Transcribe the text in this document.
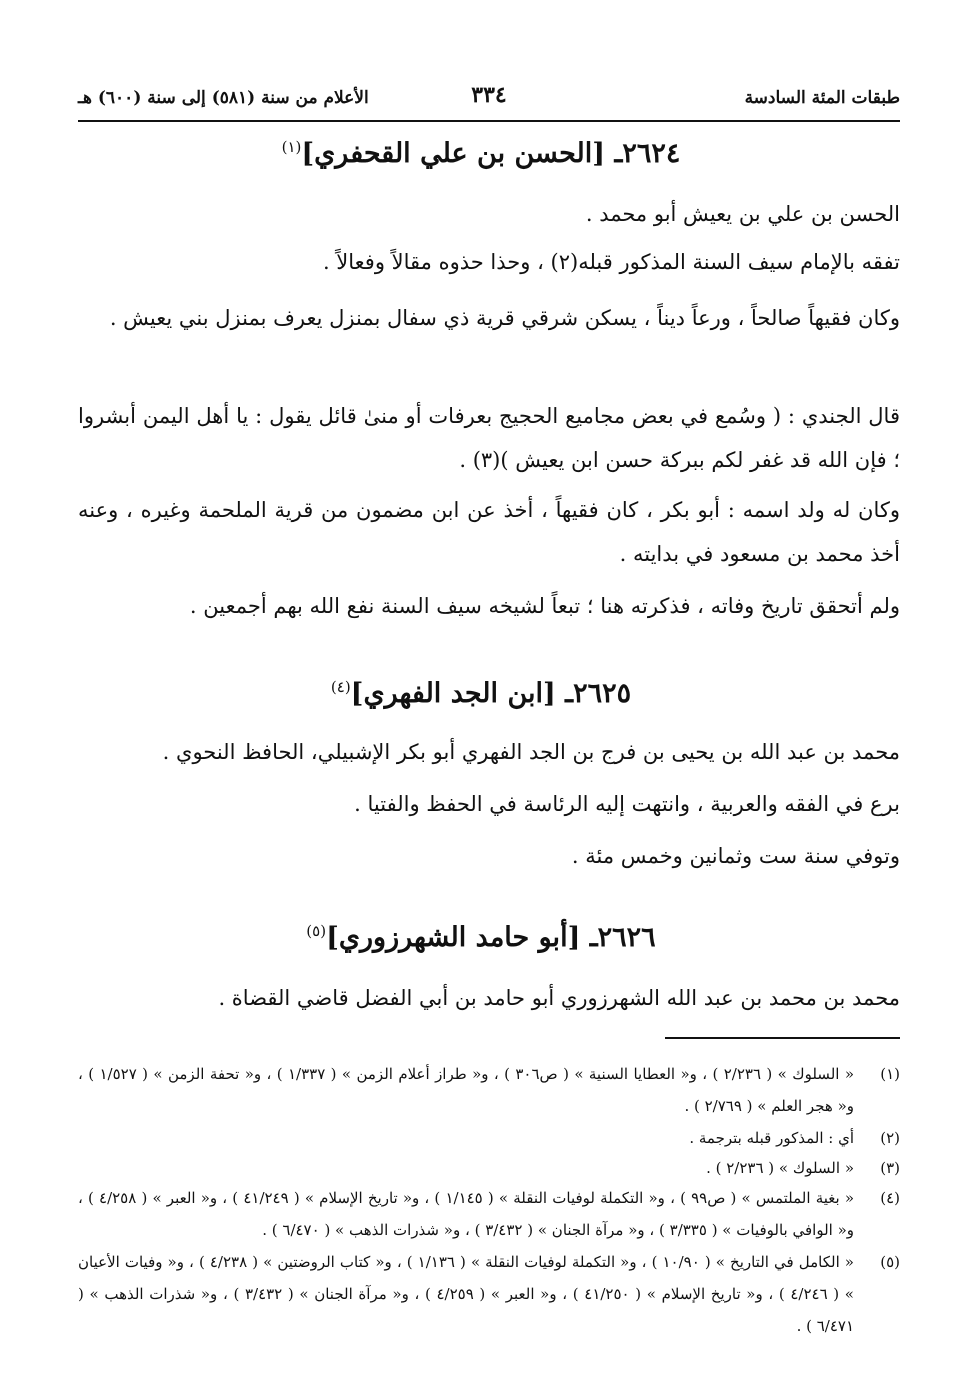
طبقات المئة السادسة
٣٣٤
الأعلام من سنة (٥٨١) إلى سنة (٦٠٠) هـ
٢٦٢٤ـ [الحسن بن علي القحفري]$^{(١)}$
الحسن بن علي بن يعيش أبو محمد .
تفقه بالإمام سيف السنة المذكور قبله(٢) ، وحذا حذوه مقالاً وفعالاً .
وكان فقيهاً صالحاً ، ورعاً ديناً ، يسكن شرقي قرية ذي سفال بمنزل يعرف بمنزل بني يعيش .
قال الجندي : ( وسُمع في بعض مجاميع الحجيج بعرفات أو منىٰ قائل يقول : يا أهل اليمن أبشروا ؛ فإن الله قد غفر لكم ببركة حسن ابن يعيش )(٣) .
وكان له ولد اسمه : أبو بكر ، كان فقيهاً ، أخذ عن ابن مضمون من قرية الملحمة وغيره ، وعنه أخذ محمد بن مسعود في بدايته .
ولم أتحقق تاريخ وفاته ، فذكرته هنا ؛ تبعاً لشيخه سيف السنة نفع الله بهم أجمعين .
٢٦٢٥ـ [ابن الجد الفهري]$^{(٤)}$
محمد بن عبد الله بن يحيى بن فرج بن الجد الفهري أبو بكر الإشبيلي، الحافظ النحوي .
برع في الفقه والعربية ، وانتهت إليه الرئاسة في الحفظ والفتيا .
وتوفي سنة ست وثمانين وخمس مئة .
٢٦٢٦ـ [أبو حامد الشهرزوري]$^{(٥)}$
محمد بن محمد بن عبد الله الشهرزوري أبو حامد بن أبي الفضل قاضي القضاة .
(١)
« السلوك » ( ٢/٢٣٦ ) ، و« العطايا السنية » ( ص٣٠٦ ) ، و« طراز أعلام الزمن » ( ١/٣٣٧ ) ، و« تحفة الزمن » ( ١/٥٢٧ ) ، و« هجر العلم » ( ٢/٧٦٩ ) .
(٢)
أي : المذكور قبله بترجمة .
(٣)
« السلوك » ( ٢/٢٣٦ ) .
(٤)
« بغية الملتمس » ( ص٩٩ ) ، و« التكملة لوفيات النقلة » ( ١/١٤٥ ) ، و« تاريخ الإسلام » ( ٤١/٢٤٩ ) ، و« العبر » ( ٤/٢٥٨ ) ، و« الوافي بالوفيات » ( ٣/٣٣٥ ) ، و« مرآة الجنان » ( ٣/٤٣٢ ) ، و« شذرات الذهب » ( ٦/٤٧٠ ) .
(٥)
« الكامل في التاريخ » ( ١٠/٩٠ ) ، و« التكملة لوفيات النقلة » ( ١/١٣٦ ) ، و« كتاب الروضتين » ( ٤/٢٣٨ ) ، و« وفيات الأعيان » ( ٤/٢٤٦ ) ، و« تاريخ الإسلام » ( ٤١/٢٥٠ ) ، و« العبر » ( ٤/٢٥٩ ) ، و« مرآة الجنان » ( ٣/٤٣٢ ) ، و« شذرات الذهب » ( ٦/٤٧١ ) .
